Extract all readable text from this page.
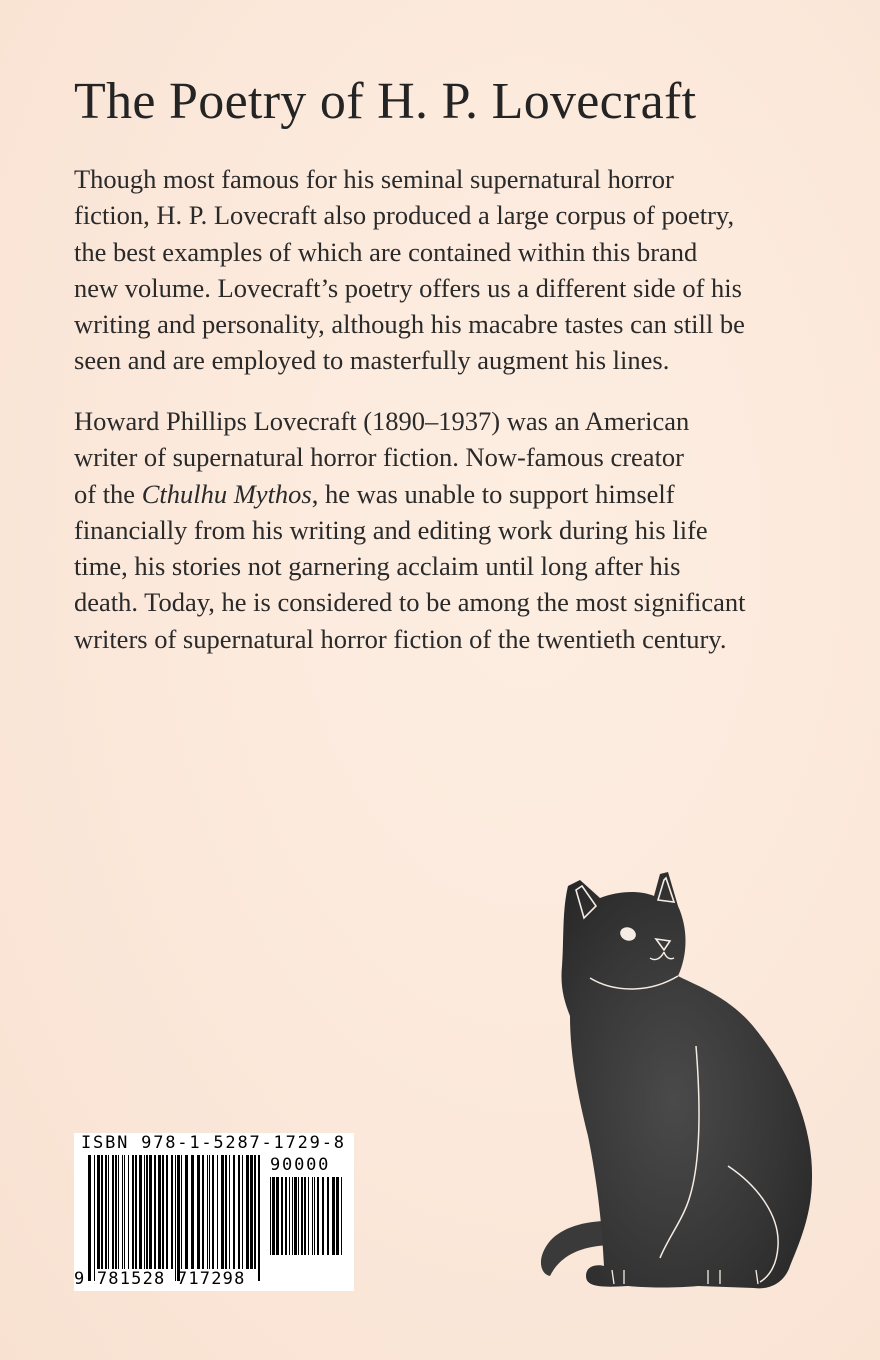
The Poetry of H. P. Lovecraft

Though most famous for his seminal supernatural horror
fiction, H. P. Lovecraft also produced a large corpus of poetry,
the best examples of which are contained within this brand
new volume. Lovecraft’s poetry offers us a different side of his
writing and personality, although his macabre tastes can still be
seen and are employed to masterfully augment his lines.

Howard Phillips Lovecraft (1890–1937) was an American
writer of supernatural horror fiction. Now-famous creator
of the Cthulhu Mythos, he was unable to support himself
financially from his writing and editing work during his life
time, his stories not garnering acclaim until long after his
death. Today, he is considered to be among the most significant
writers of supernatural horror fiction of the twentieth century.

ISBN 978-1-5287-1729-8
90000
9 781528 717298
